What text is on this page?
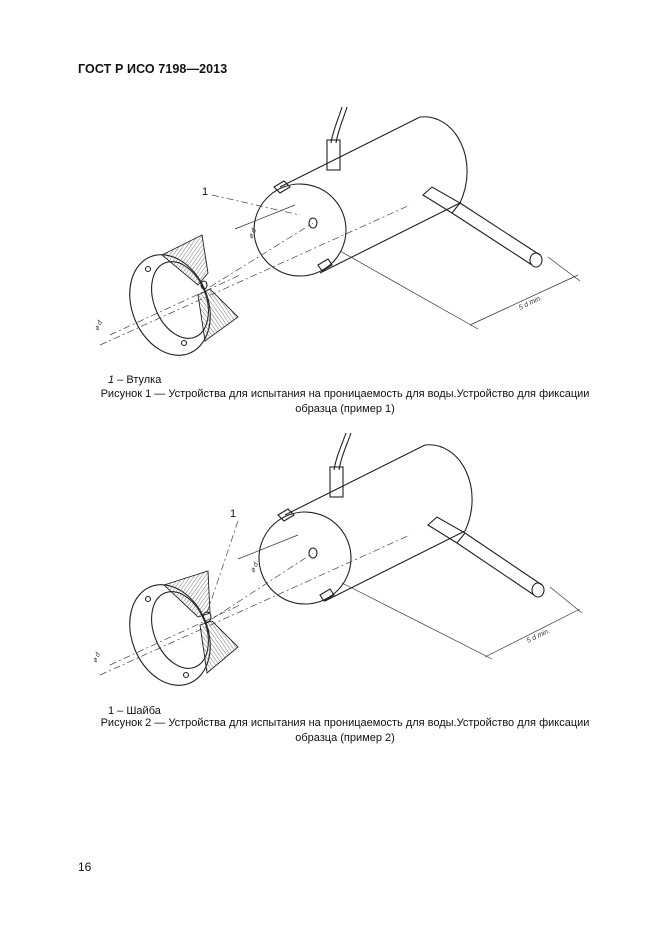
ГОСТ Р ИСО 7198—2013
5 d min.
⌀ d
⌀ d
1
1 – Втулка
Рисунок 1 — Устройства для испытания на проницаемость для воды.Устройство для фиксации образца (пример 1)
5 d min.
⌀ d
⌀ d
1
1 – Шайба
Рисунок 2 — Устройства для испытания на проницаемость для воды.Устройство для фиксации образца (пример 2)
16
